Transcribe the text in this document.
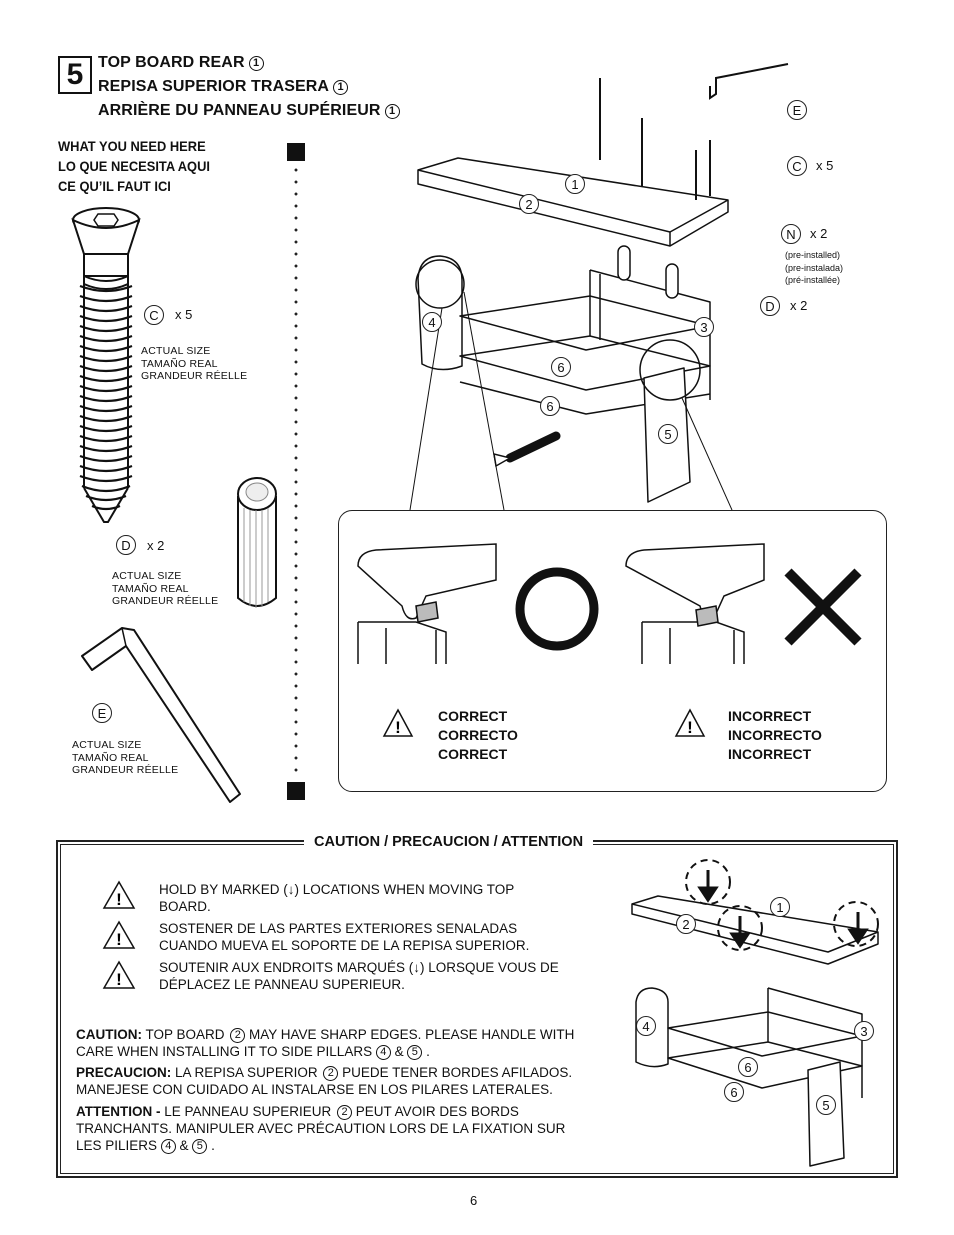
5 TOP BOARD REAR 1
REPISA SUPERIOR TRASERA 1
ARRIÈRE DU PANNEAU SUPÉRIEUR 1
WHAT YOU NEED HERE
LO QUE NECESITA AQUI
CE QU’IL FAUT ICI
C	x 5
ACTUAL SIZE
TAMAÑO REAL
GRANDEUR RÉELLE
D	x 2
ACTUAL SIZE
TAMAÑO REAL
GRANDEUR RÉELLE
E
ACTUAL SIZE
TAMAÑO REAL
GRANDEUR RÉELLE
1
2
3
4
5
6
6
E
C	x 5
N	x 2
(pre-installed)
(pre-instalada)
(pré-installée)
D	x 2
!
CORRECT
CORRECTO
CORRECT
!
INCORRECT
INCORRECTO
INCORRECT
CAUTION / PRECAUCION / ATTENTION
!
!
!
HOLD BY MARKED (↓) LOCATIONS WHEN MOVING TOP
BOARD.
SOSTENER DE LAS PARTES EXTERIORES SENALADAS
CUANDO MUEVA EL SOPORTE DE LA REPISA SUPERIOR.
SOUTENIR AUX ENDROITS MARQUÉS (↓) LORSQUE VOUS DE
DÉPLACEZ LE PANNEAU SUPERIEUR.
CAUTION: TOP BOARD 2 MAY HAVE SHARP EDGES. PLEASE HANDLE WITH
CARE WHEN INSTALLING IT TO SIDE PILLARS 4 & 5 .
PRECAUCION: LA REPISA SUPERIOR 2 PUEDE TENER BORDES AFILADOS.
MANEJESE CON CUIDADO AL INSTALARSE EN LOS PILARES LATERALES.
ATTENTION - LE PANNEAU SUPERIEUR 2 PEUT AVOIR DES BORDS
TRANCHANTS. MANIPULER AVEC PRÉCAUTION LORS DE LA FIXATION SUR
LES PILIERS 4 & 5 .
1
2
3
4
5
6
6
6
